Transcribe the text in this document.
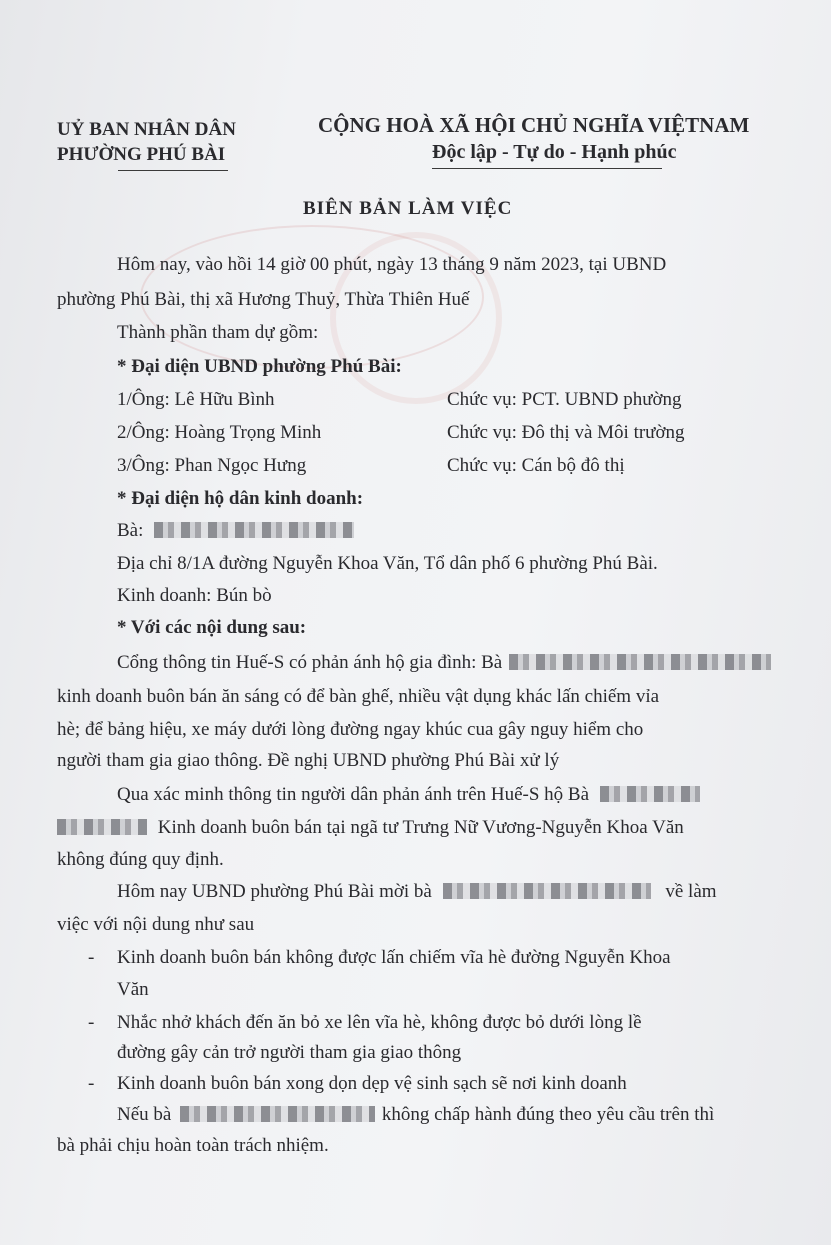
UỶ BAN NHÂN DÂN
PHƯỜNG PHÚ BÀI
CỘNG HOÀ XÃ HỘI CHỦ NGHĨA VIỆTNAM
Độc lập - Tự do - Hạnh phúc
BIÊN BẢN LÀM VIỆC
Hôm nay, vào hồi 14 giờ 00 phút, ngày 13 tháng 9 năm 2023, tại UBND
phường Phú Bài, thị xã Hương Thuỷ, Thừa Thiên Huế
Thành phần tham dự gồm:
* Đại diện UBND phường Phú Bài:
1/Ông: Lê Hữu Bình	Chức vụ: PCT. UBND phường
2/Ông: Hoàng Trọng Minh	Chức vụ: Đô thị và Môi trường
3/Ông: Phan Ngọc Hưng	Chức vụ: Cán bộ đô thị
* Đại diện hộ dân kinh doanh:
Bà:
Địa chỉ 8/1A đường Nguyễn Khoa Văn, Tổ dân phố 6 phường Phú Bài.
Kinh doanh: Bún bò
* Với các nội dung sau:
Cổng thông tin Huế-S có phản ánh hộ gia đình: Bà
kinh doanh buôn bán ăn sáng có để bàn ghế, nhiều vật dụng khác lấn chiếm vỉa
hè; để bảng hiệu, xe máy dưới lòng đường ngay khúc cua gây nguy hiểm cho
người tham gia giao thông. Đề nghị UBND phường Phú Bài xử lý
Qua xác minh thông tin người dân phản ánh trên Huế-S hộ Bà
Kinh doanh buôn bán tại ngã tư Trưng Nữ Vương-Nguyễn Khoa Văn
không đúng quy định.
Hôm nay UBND phường Phú Bài mời bà	về làm
việc với nội dung như sau
- Kinh doanh buôn bán không được lấn chiếm vĩa hè đường Nguyễn Khoa
Văn
- Nhắc nhở khách đến ăn bỏ xe lên vĩa hè, không được bỏ dưới lòng lề
đường gây cản trở người tham gia giao thông
- Kinh doanh buôn bán xong dọn dẹp vệ sinh sạch sẽ nơi kinh doanh
Nếu bà	không chấp hành đúng theo yêu cầu trên thì
bà phải chịu hoàn toàn trách nhiệm.
